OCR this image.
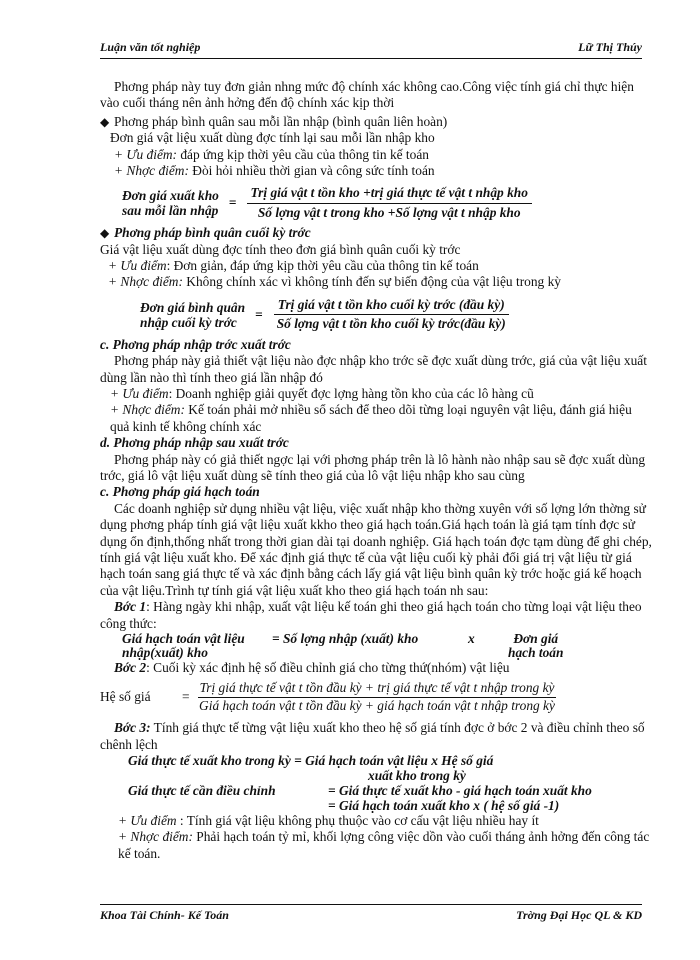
Luận văn tốt nghiệp	Lữ Thị Thúy

Phơng pháp này tuy đơn giản nhng mức độ chính xác không cao.Công việc tính giá chỉ thực hiện vào cuối tháng nên ảnh hởng đến độ chính xác kịp thời

◆ Phơng pháp bình quân sau mỗi lần nhập (bình quân liên hoàn)

Đơn giá vật liệu xuất dùng đợc tính lại sau mỗi lần nhập kho

+ Ưu điểm: đáp ứng kịp thời yêu cầu của thông tin kế toán

+ Nhợc điểm: Đòi hỏi nhiều thời gian và công sức tính toán

Đơn giá xuất kho
sau mỗi lần nhập
= $\frac{\text{Trị giá vật t tồn kho +trị giá thực tế vật t nhập kho}}{\text{Số lợng vật t trong kho +Số lợng vật t nhập kho}}$
◆ Phơng pháp bình quân cuối kỳ trớc

Giá vật liệu xuất dùng đợc tính theo đơn giá bình quân cuối kỳ trớc

+ Ưu điểm: Đơn giản, đáp ứng kịp thời yêu cầu của thông tin kế toán

+ Nhợc điểm: Không chính xác vì không tính đến sự biến động của vật liệu trong kỳ

Đơn giá bình quân
nhập cuối kỳ trớc
= $\frac{\text{Trị giá vật t tồn kho cuối kỳ trớc (đầu kỳ)}}{\text{Số lợng vật t tồn kho cuối kỳ trớc(đầu kỳ)}}$

c. Phơng pháp nhập trớc xuất trớc

Phơng pháp này giả thiết vật liệu nào đợc nhập kho trớc sẽ đợc xuất dùng trớc, giá của vật liệu xuất dùng lần nào thì tính theo giá lần nhập đó

+ Ưu điểm: Doanh nghiệp giải quyết đợc lợng hàng tồn kho của các lô hàng cũ

+ Nhợc điểm: Kế toán phải mở nhiều sổ sách để theo dõi từng loại nguyên vật liệu, đánh giá hiệu quả kinh tế không chính xác

d. Phơng pháp nhập sau xuất trớc

Phơng pháp này có giả thiết ngợc lại với phơng pháp trên là lô hành nào nhập sau sẽ đợc xuất dùng trớc, giá lô vật liệu xuất dùng sẽ tính theo giá của lô vật liệu nhập kho sau cùng

c. Phơng pháp giá hạch toán

Các doanh nghiệp sử dụng nhiều vật liệu, việc xuất nhập kho thờng xuyên với số lợng lớn thờng sử dụng phơng pháp tính giá vật liệu xuất kkho theo giá hạch toán.Giá hạch toán là giá tạm tính đợc sử dụng ổn định,thống nhất trong thời gian dài tại doanh nghiệp. Giá hạch toán đợc tạm dùng để ghi chép, tính giá vật liệu xuất kho. Để xác định giá thực tế của vật liệu cuối kỳ phải đổi giá trị vật liệu từ giá hạch toán sang giá thực tế và xác định bằng cách lấy giá vật liệu bình quân kỳ trớc hoặc giá kế hoạch của vật liệu.Trình tự tính giá vật liệu xuất kho theo giá hạch toán nh sau:

Bớc 1: Hàng ngày khi nhập, xuất vật liệu kế toán ghi theo giá hạch toán cho từng loại vật liệu theo công thức:

Giá hạch toán vật liệu
nhập(xuất) kho
= Số lợng nhập (xuất) kho	x	Đơn giá
hạch toán

Bớc 2: Cuối kỳ xác định hệ số điều chỉnh giá cho từng thứ(nhóm) vật liệu

Hệ số giá	=
Trị giá thực tế vật t tồn đầu kỳ + trị giá thực tế vật t nhập trong kỳ
Giá hạch toán vật t tồn đầu kỳ + giá hạch toán vật t nhập trong kỳ

Bớc 3: Tính giá thực tế từng vật liệu xuất kho theo hệ số giá tính đợc ở bớc 2 và điều chỉnh theo số chênh lệch

Giá thực tế xuất kho trong kỳ = Giá hạch toán vật liệu x Hệ số giá
xuất kho trong kỳ
Giá thực tế cần điều chỉnh	= Giá thực tế xuất kho - giá hạch toán xuất kho
= Giá hạch toán xuất kho x ( hệ số giá -1)

+ Ưu điểm : Tính giá vật liệu không phụ thuộc vào cơ cấu vật liệu nhiều hay ít

+ Nhợc điểm: Phải hạch toán tỷ mỉ, khối lợng công việc dồn vào cuối tháng ảnh hởng đến công tác kế toán.

Khoa Tài Chính- Kế Toán	Trờng Đại Học QL & KD
